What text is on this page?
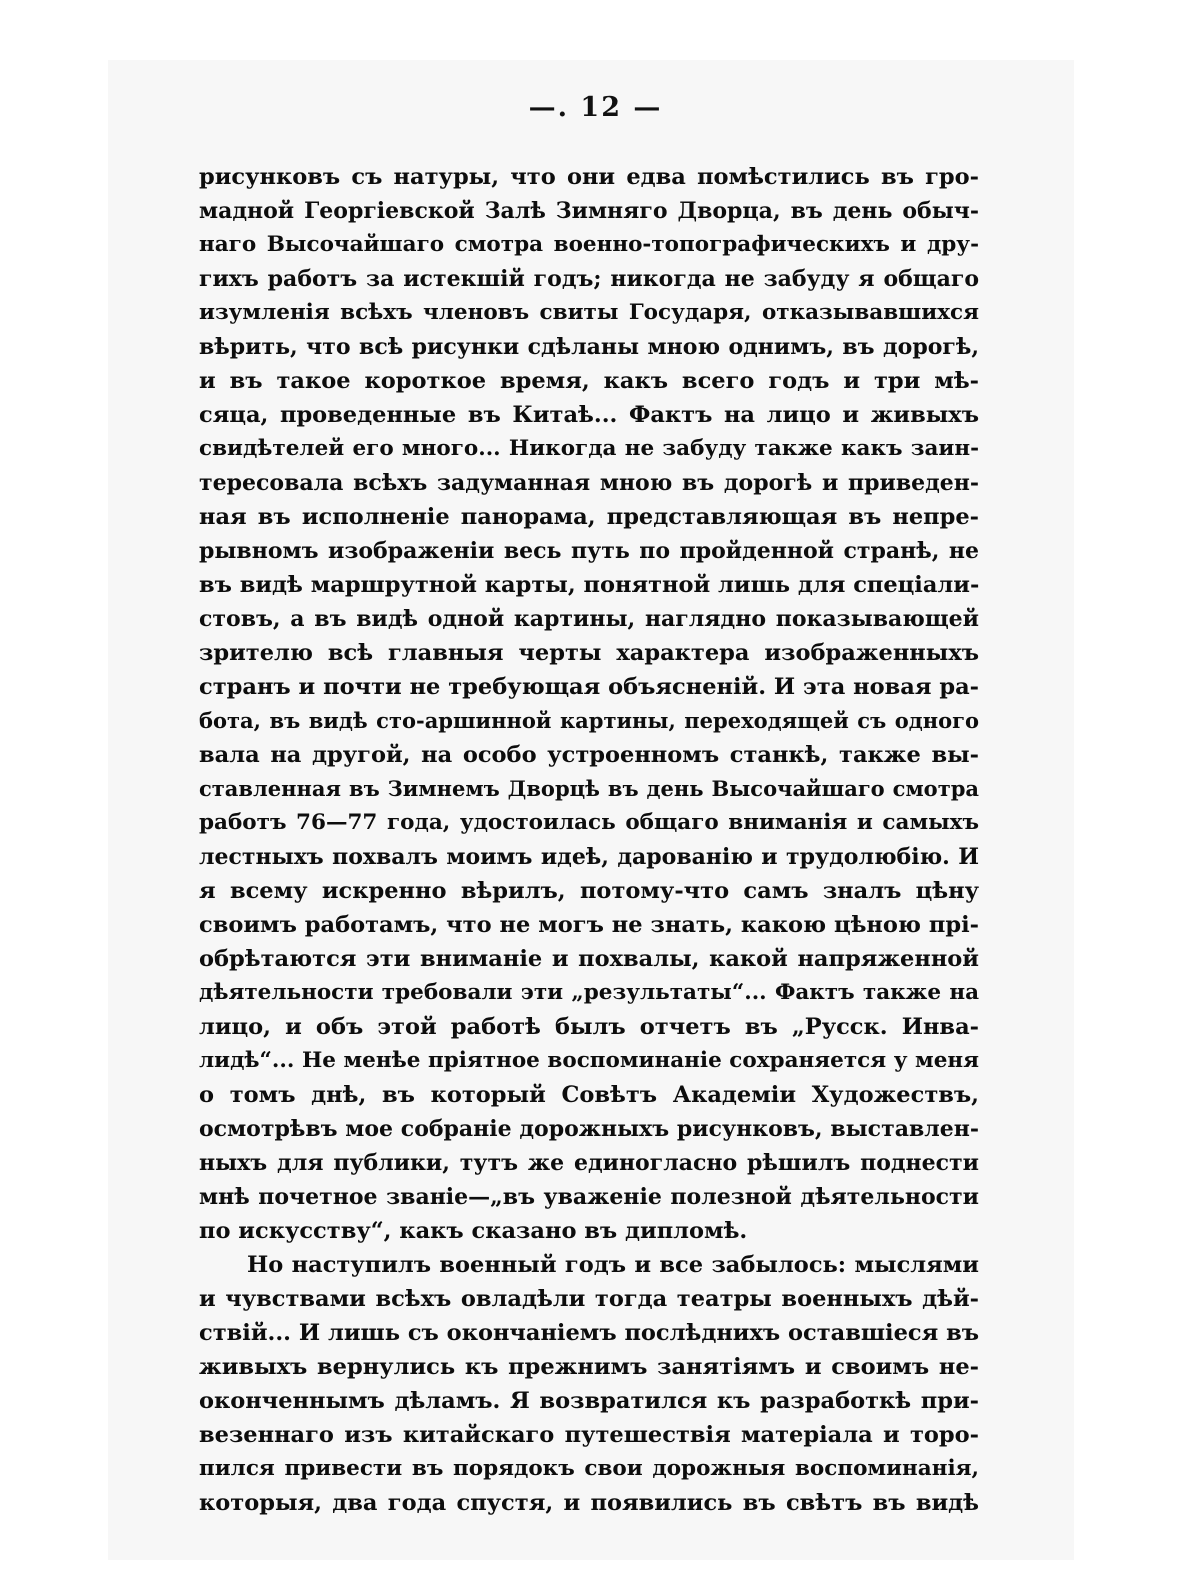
—. 12 —
рисунковъ съ натуры, что они едва помѣстились въ гро-
мадной Георгіевской Залѣ Зимняго Дворца, въ день обыч-
наго Высочайшаго смотра военно-топографическихъ и дру-
гихъ работъ за истекшій годъ; никогда не забуду я общаго
изумленія всѣхъ членовъ свиты Государя, отказывавшихся
вѣрить, что всѣ рисунки сдѣланы мною однимъ, въ дорогѣ,
и въ такое короткое время, какъ всего годъ и три мѣ-
сяца, проведенные въ Китаѣ... Фактъ на лицо и живыхъ
свидѣтелей его много... Никогда не забуду также какъ заин-
тересовала всѣхъ задуманная мною въ дорогѣ и приведен-
ная въ исполненіе панорама, представляющая въ непре-
рывномъ изображеніи весь путь по пройденной странѣ, не
въ видѣ маршрутной карты, понятной лишь для спеціали-
стовъ, а въ видѣ одной картины, наглядно показывающей
зрителю всѣ главныя черты характера изображенныхъ
странъ и почти не требующая объясненій. И эта новая ра-
бота, въ видѣ сто-аршинной картины, переходящей съ одного
вала на другой, на особо устроенномъ станкѣ, также вы-
ставленная въ Зимнемъ Дворцѣ въ день Высочайшаго смотра
работъ 76—77 года, удостоилась общаго вниманія и самыхъ
лестныхъ похвалъ моимъ идеѣ, дарованію и трудолюбію. И
я всему искренно вѣрилъ, потому-что самъ зналъ цѣну
своимъ работамъ, что не могъ не знать, какою цѣною прі-
обрѣтаются эти вниманіе и похвалы, какой напряженной
дѣятельности требовали эти „результаты“... Фактъ также на
лицо, и объ этой работѣ былъ отчетъ въ „Русск. Инва-
лидѣ“... Не менѣе пріятное воспоминаніе сохраняется у меня
о томъ днѣ, въ который Совѣтъ Академіи Художествъ,
осмотрѣвъ мое собраніе дорожныхъ рисунковъ, выставлен-
ныхъ для публики, тутъ же единогласно рѣшилъ поднести
мнѣ почетное званіе—„въ уваженіе полезной дѣятельности
по искусству“, какъ сказано въ дипломѣ.
Но наступилъ военный годъ и все забылось: мыслями
и чувствами всѣхъ овладѣли тогда театры военныхъ дѣй-
ствій... И лишь съ окончаніемъ послѣднихъ оставшіеся въ
живыхъ вернулись къ прежнимъ занятіямъ и своимъ не-
оконченнымъ дѣламъ. Я возвратился къ разработкѣ при-
везеннаго изъ китайскаго путешествія матеріала и торо-
пился привести въ порядокъ свои дорожныя воспоминанія,
которыя, два года спустя, и появились въ свѣтъ въ видѣ
